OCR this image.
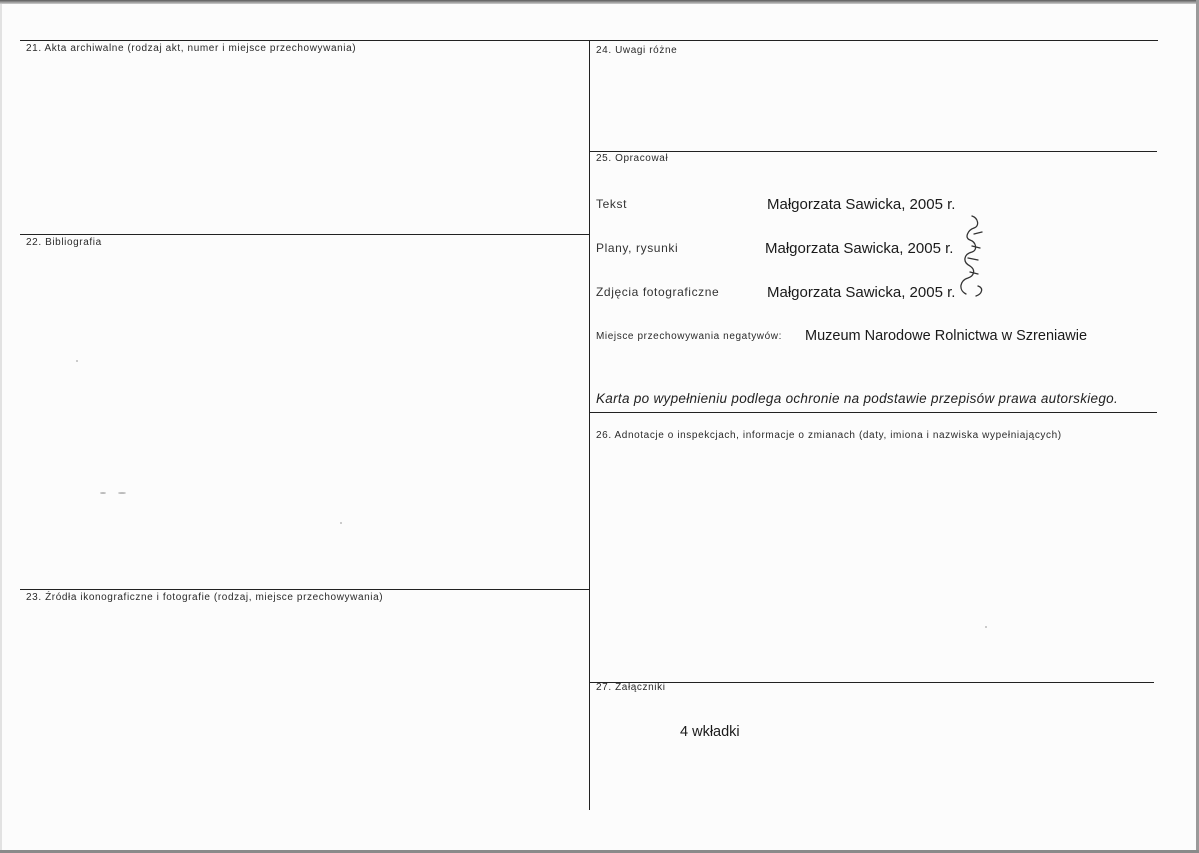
21. Akta archiwalne (rodzaj akt, numer i miejsce przechowywania)
22. Bibliografia
23. Źródła ikonograficzne i fotografie (rodzaj, miejsce przechowywania)
24. Uwagi różne
25. Opracował
Tekst	Małgorzata Sawicka, 2005 r.
Plany, rysunki	Małgorzata Sawicka, 2005 r.
Zdjęcia fotograficzne	Małgorzata Sawicka, 2005 r.
Miejsce przechowywania negatywów: Muzeum Narodowe Rolnictwa w Szreniawie
Karta po wypełnieniu podlega ochronie na podstawie przepisów prawa autorskiego.
26. Adnotacje o inspekcjach, informacje o zmianach (daty, imiona i nazwiska wypełniających)
27. Załączniki
4 wkładki
